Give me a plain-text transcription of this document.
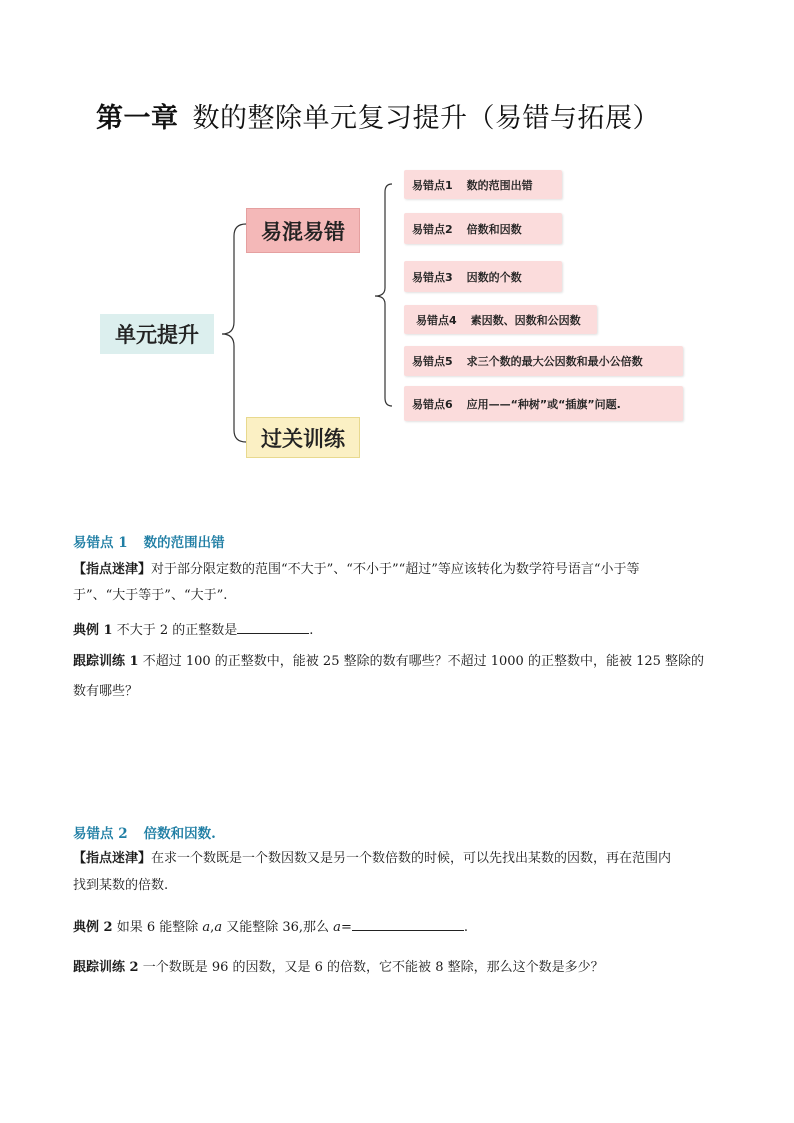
第一章 数的整除单元复习提升（易错与拓展）
单元提升
易混易错
过关训练
易错点1 数的范围出错
易错点2 倍数和因数
易错点3 因数的个数
易错点4 素因数、因数和公因数
易错点5 求三个数的最大公因数和最小公倍数
易错点6 应用——“种树”或“插旗”问题.
易错点 1 数的范围出错
【指点迷津】对于部分限定数的范围“不大于”、“不小于”“超过”等应该转化为数学符号语言“小于等
于”、“大于等于”、“大于”.
典例 1 不大于 2 的正整数是	.
跟踪训练 1 不超过 100 的正整数中，能被 25 整除的数有哪些？不超过 1000 的正整数中，能被 125 整除的
数有哪些？
易错点 2 倍数和因数.
【指点迷津】在求一个数既是一个数因数又是另一个数倍数的时候，可以先找出某数的因数，再在范围内
找到某数的倍数.
典例 2 如果 6 能整除 a,a 又能整除 36,那么 a=	.
跟踪训练 2 一个数既是 96 的因数，又是 6 的倍数，它不能被 8 整除，那么这个数是多少？
